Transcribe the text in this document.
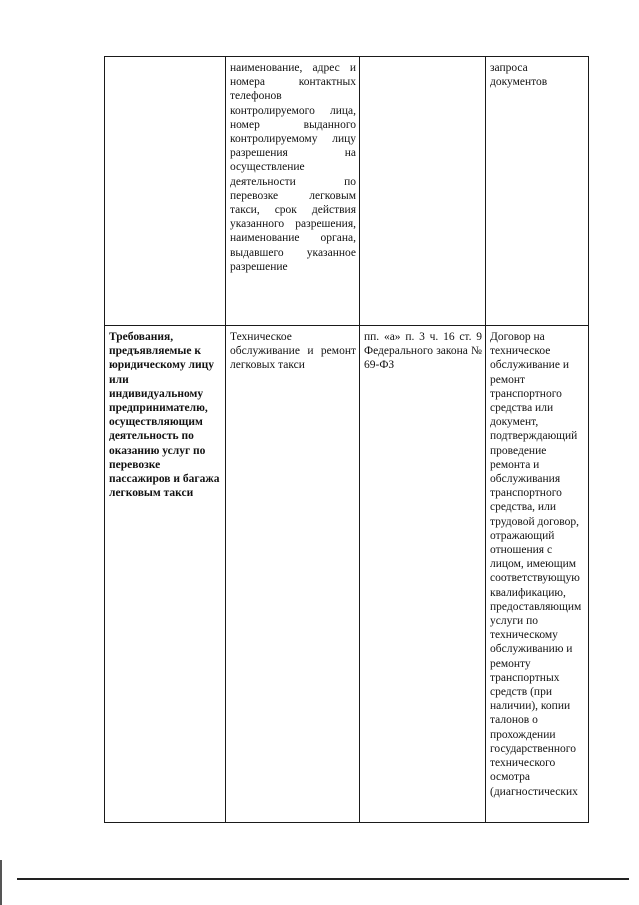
	наименование, адрес и номера контактных телефонов контролируемого лица, номер выданного контролируемому лицу разрешения на осуществление деятельности по перевозке легковым такси, срок действия указанного разрешения, наименование органа, выдавшего указанное разрешение		запроса документов
Требования, предъявляемые к юридическому лицу или индивидуальному предпринимателю, осуществляющим деятельность по оказанию услуг по перевозке пассажиров и багажа легковым такси	Техническое обслуживание и ремонт легковых такси	пп. «а» п. 3 ч. 16 ст. 9 Федерального закона № 69-ФЗ	Договор на техническое обслуживание и ремонт транспортного средства или документ, подтверждающий проведение ремонта и обслуживания транспортного средства, или трудовой договор, отражающий отношения с лицом, имеющим соответствующую квалификацию, предоставляющим услуги по техническому обслуживанию и ремонту транспортных средств (при наличии), копии талонов о прохождении государственного технического осмотра (диагностических
